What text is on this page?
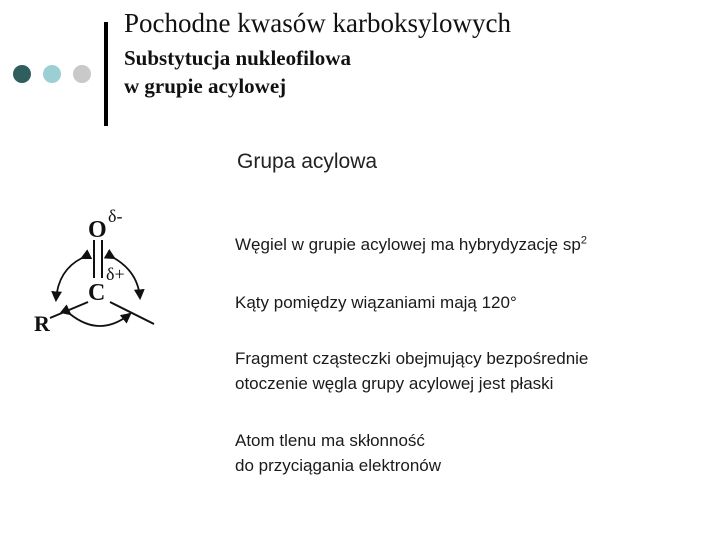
Pochodne kwasów karboksylowych
Substytucja nukleofilowa
w grupie acylowej
O
δ-
C
δ+
R
Grupa acylowa
Węgiel w grupie acylowej ma hybrydyzację $sp^2$
Kąty pomiędzy wiązaniami mają 120°
Fragment cząsteczki obejmujący bezpośrednie
otoczenie węgla grupy acylowej jest płaski
Atom tlenu ma skłonność
do przyciągania elektronów
